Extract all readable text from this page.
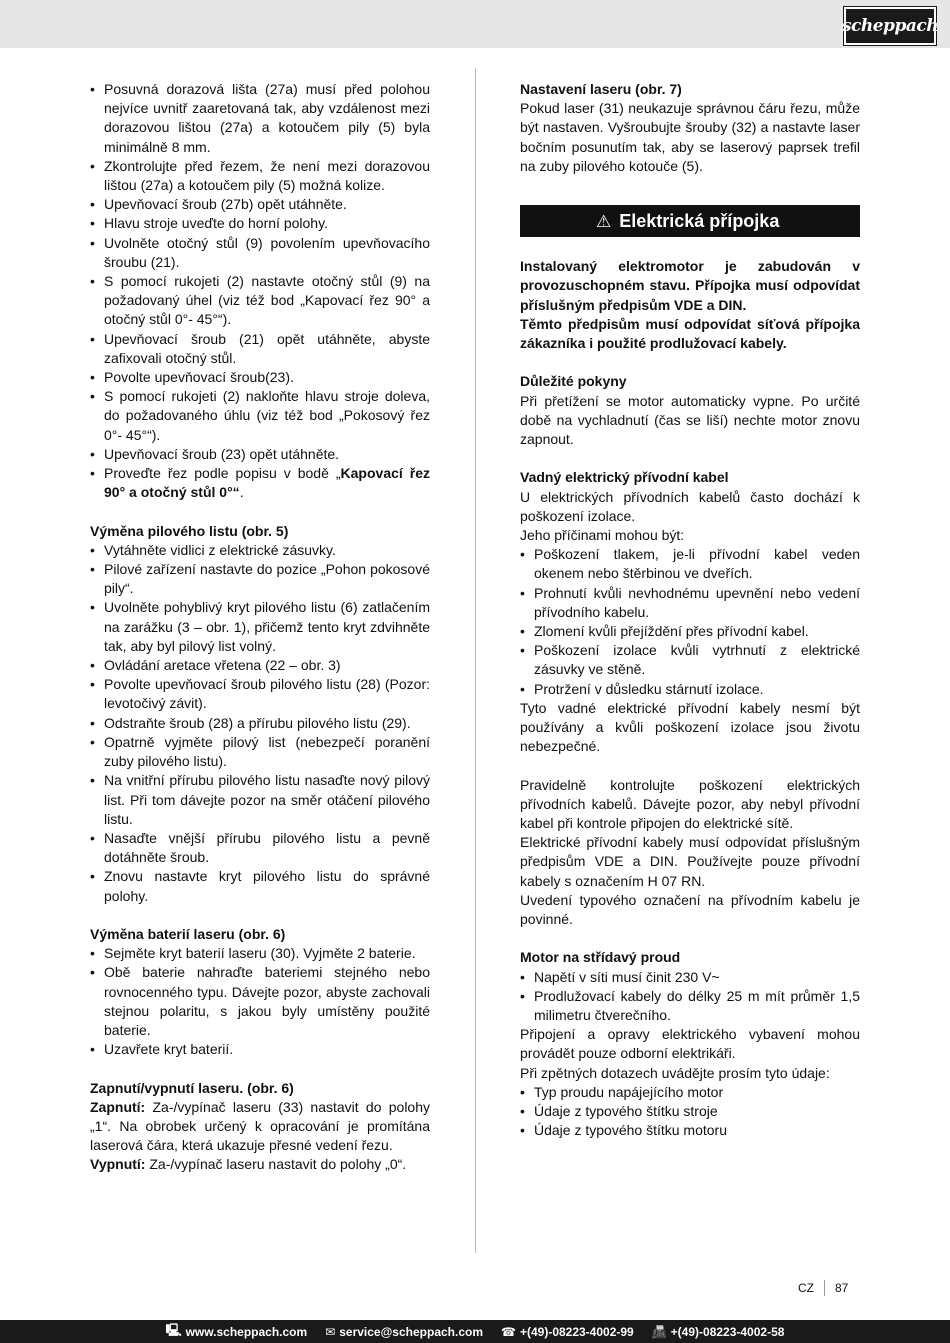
scheppach
• Posuvná dorazová lišta (27a) musí před polohou nejvíce uvnitř zaaretovaná tak, aby vzdálenost mezi dorazovou lištou (27a) a kotoučem pily (5) byla minimálně 8 mm.
• Zkontrolujte před řezem, že není mezi dorazovou lištou (27a) a kotoučem pily (5) možná kolize.
• Upevňovací šroub (27b) opět utáhněte.
• Hlavu stroje uveďte do horní polohy.
• Uvolněte otočný stůl (9) povolením upevňovacího šroubu (21).
• S pomocí rukojeti (2) nastavte otočný stůl (9) na požadovaný úhel (viz též bod „Kapovací řez 90° a otočný stůl 0°- 45°“).
• Upevňovací šroub (21) opět utáhněte, abyste zafixovali otočný stůl.
• Povolte upevňovací šroub(23).
• S pomocí rukojeti (2) nakloňte hlavu stroje doleva, do požadovaného úhlu (viz též bod „Pokosový řez 0°- 45°“).
• Upevňovací šroub (23) opět utáhněte.
• Proveďte řez podle popisu v bodě „Kapovací řez 90° a otočný stůl 0°“.

Výměna pilového listu (obr. 5)

• Vytáhněte vidlici z elektrické zásuvky.
• Pilové zařízení nastavte do pozice „Pohon pokosové pily“.
• Uvolněte pohyblivý kryt pilového listu (6) zatlačením na zarážku (3 – obr. 1), přičemž tento kryt zdvihněte tak, aby byl pilový list volný.
• Ovládání aretace vřetena (22 – obr. 3)
• Povolte upevňovací šroub pilového listu (28) (Pozor: levotočivý závit).
• Odstraňte šroub (28) a přírubu pilového listu (29).
• Opatrně vyjměte pilový list (nebezpečí poranění zuby pilového listu).
• Na vnitřní přírubu pilového listu nasaďte nový pilový list. Při tom dávejte pozor na směr otáčení pilového listu.
• Nasaďte vnější přírubu pilového listu a pevně dotáhněte šroub.
• Znovu nastavte kryt pilového listu do správné polohy.

Výměna baterií laseru (obr. 6)

• Sejměte kryt baterií laseru (30). Vyjměte 2 baterie.
• Obě baterie nahraďte bateriemi stejného nebo rovnocenného typu. Dávejte pozor, abyste zachovali stejnou polaritu, s jakou byly umístěny použité baterie.
• Uzavřete kryt baterií.

Zapnutí/vypnutí laseru. (obr. 6)

Zapnutí: Za-/vypínač laseru (33) nastavit do polohy „1“. Na obrobek určený k opracování je promítána laserová čára, která ukazuje přesné vedení řezu.

Vypnutí: Za-/vypínač laseru nastavit do polohy „0“.

Nastavení laseru (obr. 7)

Pokud laser (31) neukazuje správnou čáru řezu, může být nastaven. Vyšroubujte šrouby (32) a nastavte laser bočním posunutím tak, aby se laserový paprsek trefil na zuby pilového kotouče (5).

⚠ Elektrická přípojka

Instalovaný elektromotor je zabudován v provozuschopném stavu. Přípojka musí odpovídat příslušným předpisům VDE a DIN.

Těmto předpisům musí odpovídat síťová přípojka zákazníka i použité prodlužovací kabely.

Důležité pokyny

Při přetížení se motor automaticky vypne. Po určité době na vychladnutí (čas se liší) nechte motor znovu zapnout.

Vadný elektrický přívodní kabel

U elektrických přívodních kabelů často dochází k poškození izolace.

Jeho příčinami mohou být:

• Poškození tlakem, je-li přívodní kabel veden okenem nebo štěrbinou ve dveřích.
• Prohnutí kvůli nevhodnému upevnění nebo vedení přívodního kabelu.
• Zlomení kvůli přejíždění přes přívodní kabel.
• Poškození izolace kvůli vytrhnutí z elektrické zásuvky ve stěně.
• Protržení v důsledku stárnutí izolace.

Tyto vadné elektrické přívodní kabely nesmí být používány a kvůli poškození izolace jsou životu nebezpečné.

Pravidelně kontrolujte poškození elektrických přívodních kabelů. Dávejte pozor, aby nebyl přívodní kabel při kontrole připojen do elektrické sítě.

Elektrické přívodní kabely musí odpovídat příslušným předpisům VDE a DIN. Používejte pouze přívodní kabely s označením H 07 RN.

Uvedení typového označení na přívodním kabelu je povinné.

Motor na střídavý proud

• Napětí v síti musí činit 230 V~
• Prodlužovací kabely do délky 25 m mít průměr 1,5 milimetru čtverečního.

Připojení a opravy elektrického vybavení mohou provádět pouze odborní elektrikáři.

Při zpětných dotazech uvádějte prosím tyto údaje:

• Typ proudu napájejícího motor
• Údaje z typového štítku stroje
• Údaje z typového štítku motoru
CZ 87
🖳 www.scheppach.com ✉ service@scheppach.com ☎ +(49)-08223-4002-99 📠 +(49)-08223-4002-58
